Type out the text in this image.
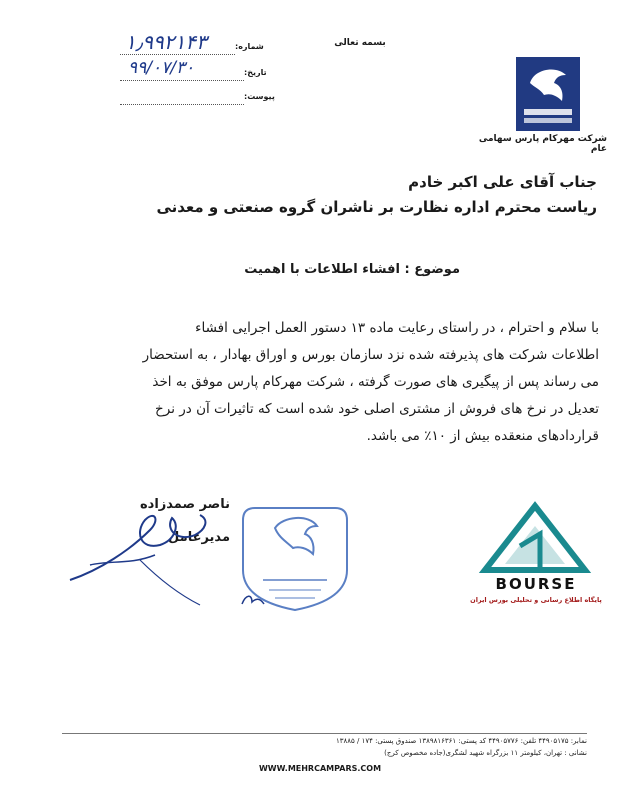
بسمه تعالی
شماره:
۱٫۹۹۲۱۴۳
تاریخ:
۹۹/۰۷/۳۰
پیوست:
شرکت مهرکام پارس سهامی عام
جناب آقای علی اکبر خادم
ریاست محترم اداره نظارت بر ناشران گروه صنعتی و معدنی
موضوع : افشاء اطلاعات با اهمیت
با سلام و احترام ، در راستای رعایت ماده ۱۳ دستور العمل اجرایی افشاء
اطلاعات شرکت های پذیرفته شده نزد سازمان بورس و اوراق بهادار ، به استحضار
می رساند پس از پیگیری های صورت گرفته ، شرکت مهرکام پارس موفق به اخذ
تعدیل در نرخ های فروش از مشتری اصلی خود شده است که تاثیرات آن در نرخ
قراردادهای منعقده بیش از ۱۰٪ می باشد.
ناصر صمدزاده
مدیرعامل
BOURSE
پایگاه اطلاع رسانی و تحلیلی بورس ایران
نمابر: ۴۴۹۰۵۱۷۵ تلفن: ۴۴۹۰۵۷۷۶ کد پستی: ۱۳۸۹۸۱۶۳۶۱ صندوق پستی: ۱۷۴ / ۱۳۸۸۵
نشانی : تهران، کیلومتر ۱۱ بزرگراه شهید لشگری(جاده مخصوص کرج)
WWW.MEHRCAMPARS.COM
